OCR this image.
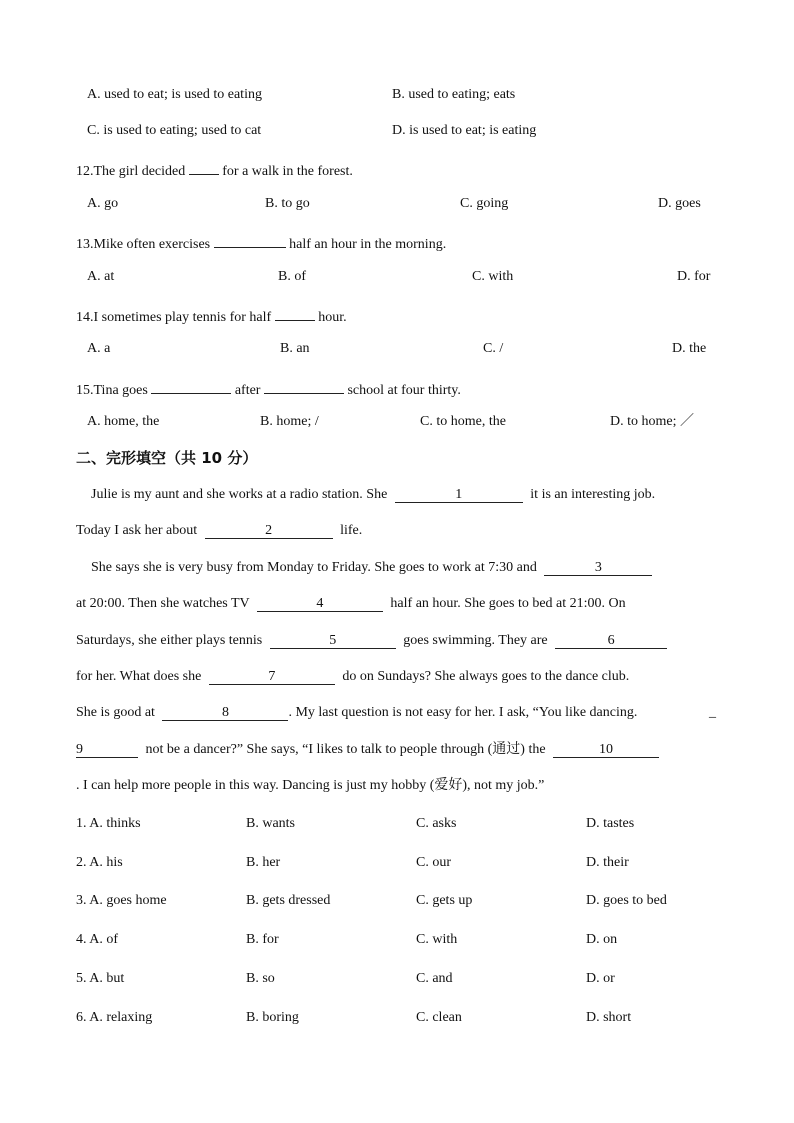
A. used to eat; is used to eating	B. used to eating; eats
C. is used to eating; used to cat	D. is used to eat; is eating
12.The girl decided	for a walk in the forest.
A. go	B. to go	C. going	D. goes
13.Mike often exercises	half an hour in the morning.
A. at	B. of	C. with	D. for
14.I sometimes play tennis for half	hour.
A. a	B. an	C. /	D. the
15.Tina goes	after	school at four thirty.
A. home, the	B. home; /	C. to home, the	D. to home; ／
二、完形填空（共 10 分）
Julie is my aunt and she works at a radio station. She	1	it is an interesting job.
Today I ask her about	2	life.
She says she is very busy from Monday to Friday. She goes to work at 7:30 and	3
at 20:00. Then she watches TV	4	half an hour. She goes to bed at 21:00. On
Saturdays, she either plays tennis	5	goes swimming. They are	6
for her. What does she	7	do on Sundays? She always goes to the dance club.
She is good at	8	. My last question is not easy for her. I ask, “You like dancing.	_
9	not be a dancer?” She says, “I likes to talk to people through (通过) the	10
. I can help more people in this way. Dancing is just my hobby (爱好), not my job.”
1. A. thinks	B. wants	C. asks	D. tastes
2. A. his	B. her	C. our	D. their
3. A. goes home	B. gets dressed	C. gets up	D. goes to bed
4. A. of	B. for	C. with	D. on
5. A. but	B. so	C. and	D. or
6. A. relaxing	B. boring	C. clean	D. short
